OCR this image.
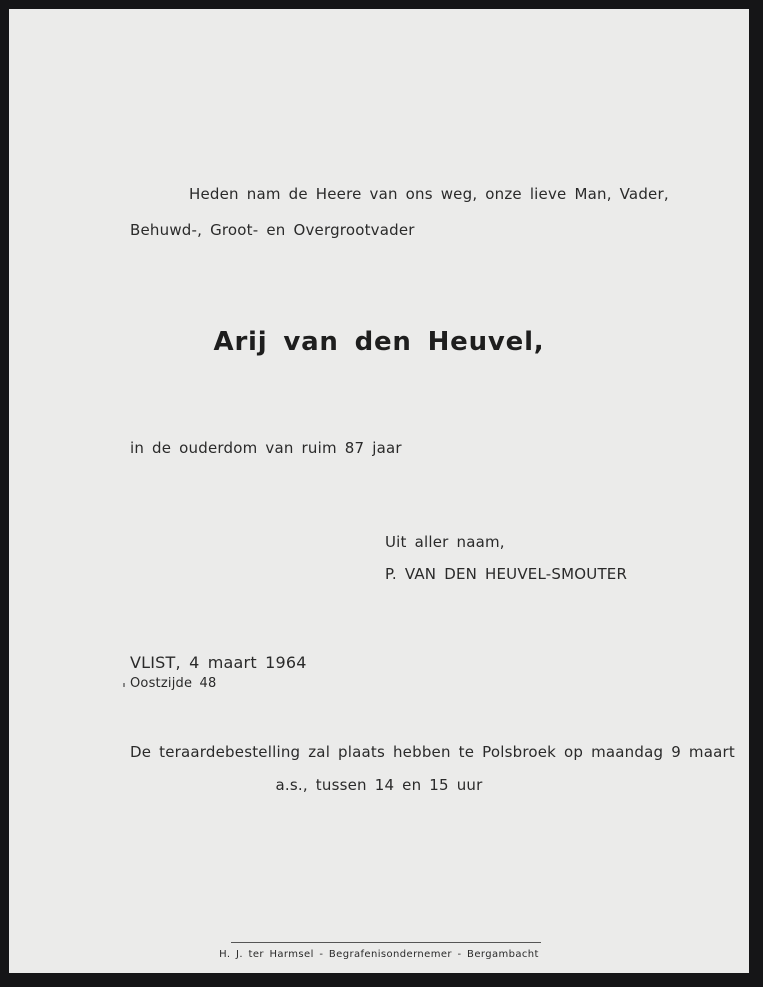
Heden nam de Heere van ons weg, onze lieve Man, Vader,
Behuwd-, Groot- en Overgrootvader
Arij van den Heuvel,
in de ouderdom van ruim 87 jaar
Uit aller naam,
P. VAN DEN HEUVEL-SMOUTER
VLIST, 4 maart 1964
Oostzijde 48
De teraardebestelling zal plaats hebben te Polsbroek op maandag 9 maart
a.s., tussen 14 en 15 uur
H. J. ter Harmsel - Begrafenisondernemer - Bergambacht
